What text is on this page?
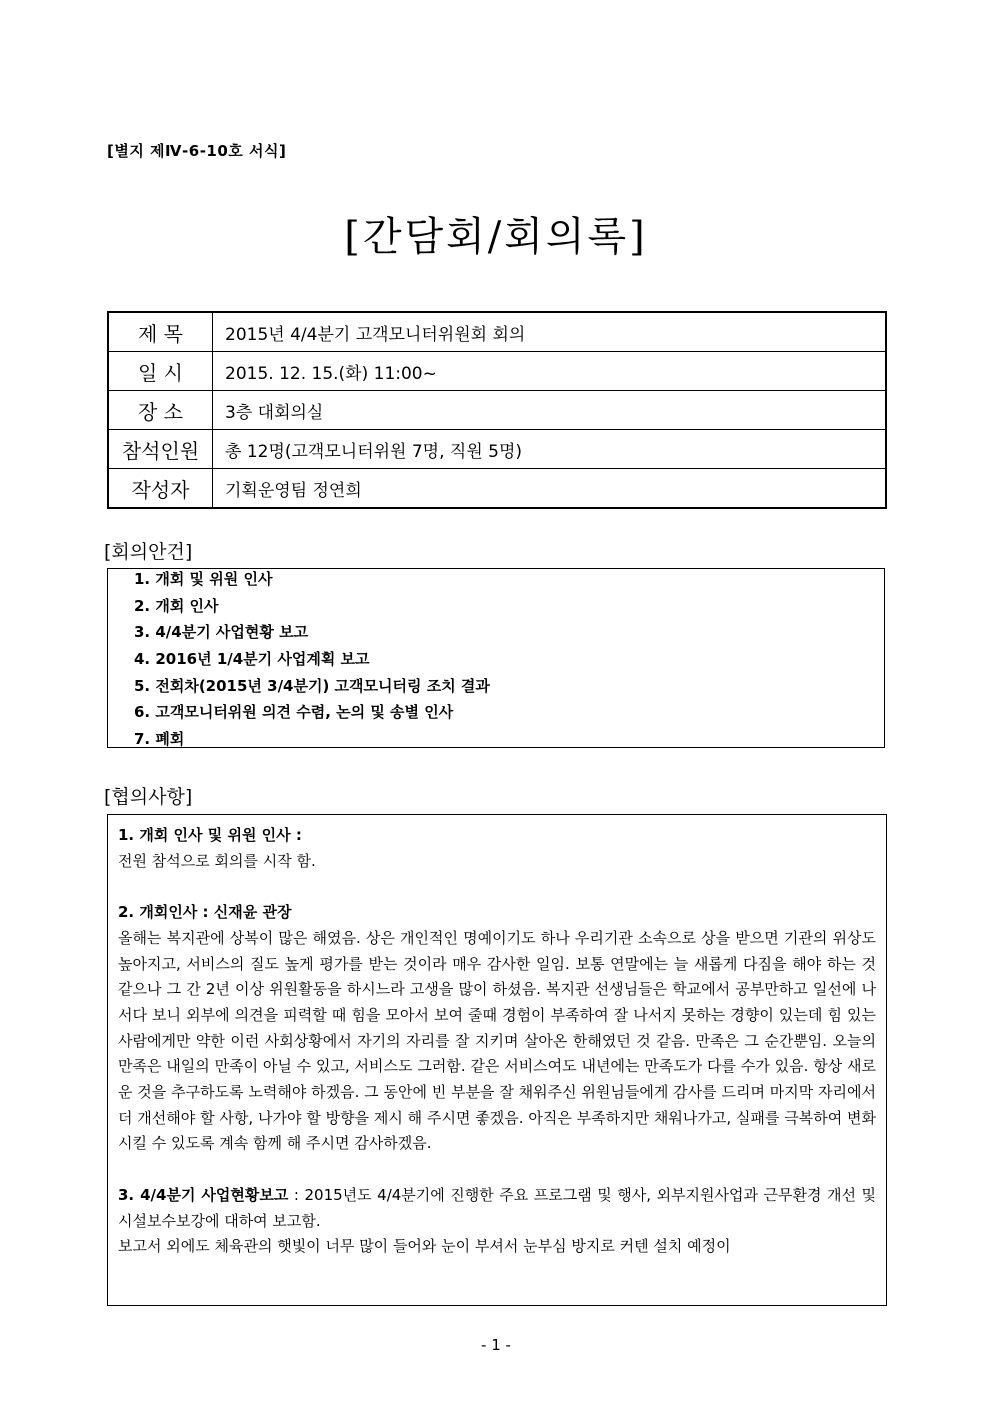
[별지 제Ⅳ-6-10호 서식]
[간담회/회의록]
제 목	2015년 4/4분기 고객모니터위원회 회의
일 시	2015. 12. 15.(화) 11:00~
장 소	3층 대회의실
참석인원	총 12명(고객모니터위원 7명, 직원 5명)
작성자	기획운영팀 정연희
[회의안건]
1. 개회 및 위원 인사
2. 개회 인사
3. 4/4분기 사업현황 보고
4. 2016년 1/4분기 사업계획 보고
5. 전회차(2015년 3/4분기) 고객모니터링 조치 결과
6. 고객모니터위원 의견 수렴, 논의 및 송별 인사
7. 폐회
[협의사항]

1. 개회 인사 및 위원 인사 :

전원 참석으로 회의를 시작 함.

2. 개회인사 : 신재윤 관장

올해는 복지관에 상복이 많은 해였음. 상은 개인적인 명예이기도 하나 우리기관 소속으로 상을 받으면 기관의 위상도 높아지고, 서비스의 질도 높게 평가를 받는 것이라 매우 감사한 일임. 보통 연말에는 늘 새롭게 다짐을 해야 하는 것 같으나 그 간 2년 이상 위원활동을 하시느라 고생을 많이 하셨음. 복지관 선생님들은 학교에서 공부만하고 일선에 나서다 보니 외부에 의견을 피력할 때 힘을 모아서 보여 줄때 경험이 부족하여 잘 나서지 못하는 경향이 있는데 힘 있는 사람에게만 약한 이런 사회상황에서 자기의 자리를 잘 지키며 살아온 한해였던 것 같음. 만족은 그 순간뿐임. 오늘의 만족은 내일의 만족이 아닐 수 있고, 서비스도 그러함. 같은 서비스여도 내년에는 만족도가 다를 수가 있음. 항상 새로운 것을 추구하도록 노력해야 하겠음. 그 동안에 빈 부분을 잘 채워주신 위원님들에게 감사를 드리며 마지막 자리에서 더 개선해야 할 사항, 나가야 할 방향을 제시 해 주시면 좋겠음. 아직은 부족하지만 채워나가고, 실패를 극복하여 변화시킬 수 있도록 계속 함께 해 주시면 감사하겠음.

3. 4/4분기 사업현황보고 : 2015년도 4/4분기에 진행한 주요 프로그램 및 행사, 외부지원사업과 근무환경 개선 및 시설보수보강에 대하여 보고함.

보고서 외에도 체육관의 햇빛이 너무 많이 들어와 눈이 부셔서 눈부심 방지로 커텐 설치 예정이

- 1 -
